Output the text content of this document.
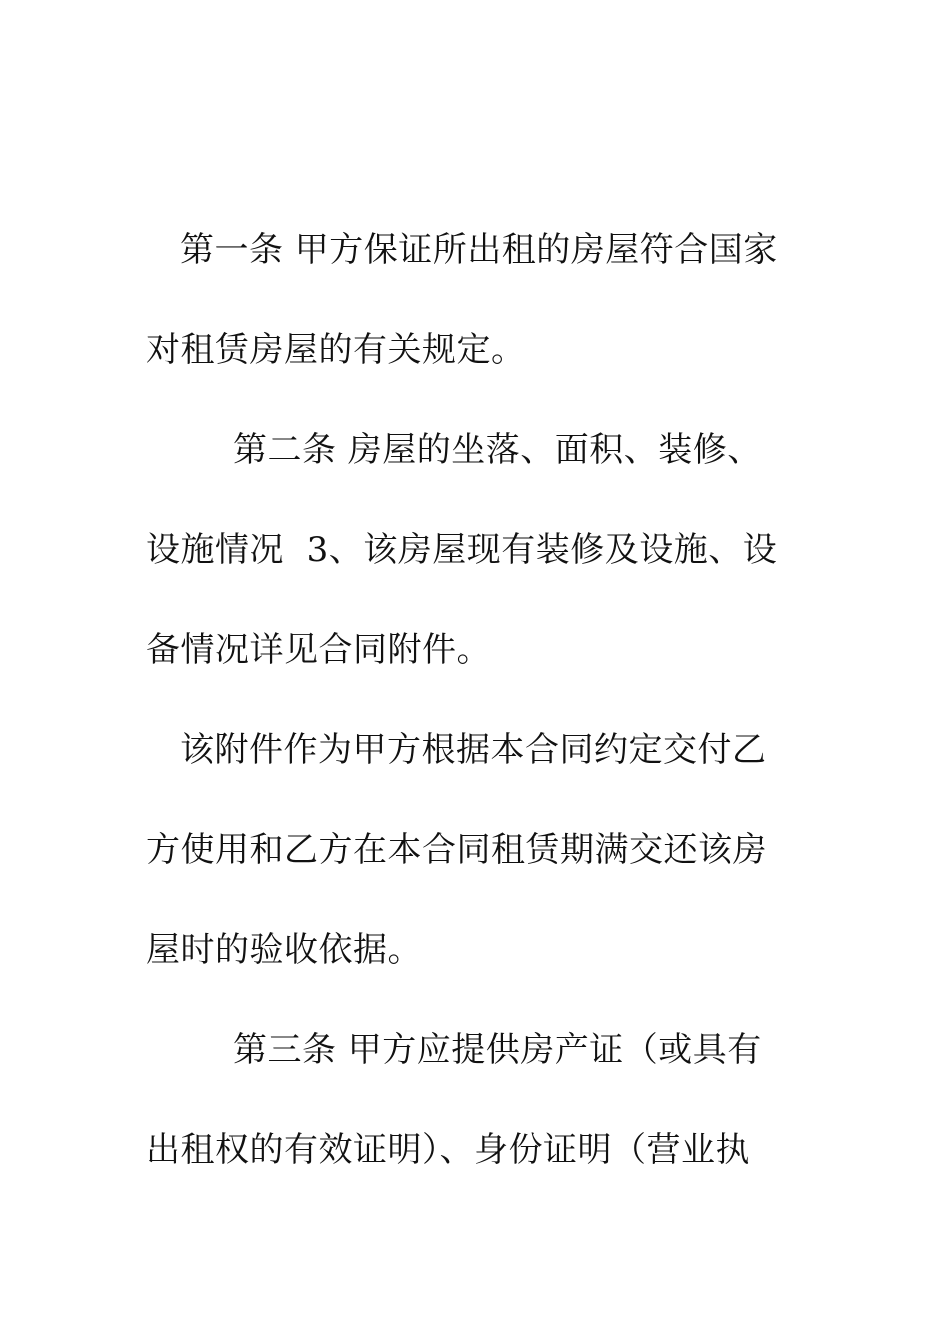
第一条 甲方保证所出租的房屋符合国家
对租赁房屋的有关规定。
第二条 房屋的坐落、面积、装修、
设施情况  3、该房屋现有装修及设施、设
备情况详见合同附件。
该附件作为甲方根据本合同约定交付乙
方使用和乙方在本合同租赁期满交还该房
屋时的验收依据。
第三条 甲方应提供房产证（或具有
出租权的有效证明）、身份证明（营业执
